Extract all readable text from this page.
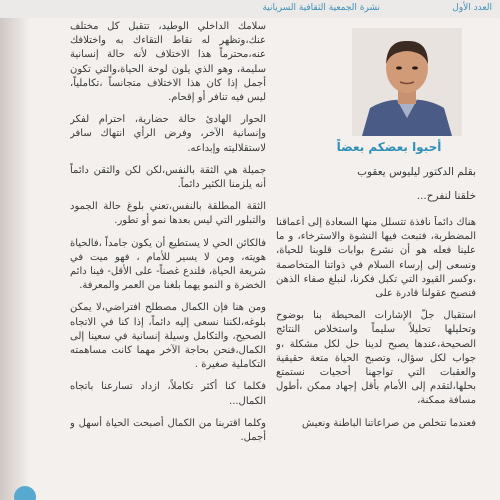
نشرة الجمعية الثقافية السريانية	العدد الأول

سلامك الداخلي الوطيد، تتقبل كل مختلف عنك،وتظهر له نقاط التقاءك به واختلافك عنه،محترماً هذا الاختلاف لأنه حالة إنسانية سليمة، وهو الذي يلون لوحة الحياة،والتي تكون أجمل إذا كان هذا الاختلاف متجانساً ،تكاملياً، ليس فيه تنافر أو إقحام.

الحوار الهادئ حالة حضارية، احترام لفكر وإنسانية الآخر، وفرض الرأي انتهاك سافر لاستقلاليته وإبداعه.

جميلة هي الثقة بالنفس،لكن لكن والثقن دائماً أنه يلزمنا الكثير دائماً.

الثقة المطلقة بالنفس،تعني بلوغ حالة الجمود والتبلور التي ليس بعدها نمو أو تطور.

فالكائن الحي لا يستطيع أن يكون جامداً ،فالحياة هويته، ومن لا يسير للأمام ، فهو ميت في شريعة الحياة، فلندع غصناً- على الأقل- فينا دائم الخضرة و النمو يهما بلغنا من العمر والمعرفة.

ومن هنا فإن الكمال مصطلح افتراضي،لا يمكن بلوغه،لكننا نسعى إليه دائماً، إذا كنا في الاتجاه الصحيح، والتكامل وسيلة إنسانية في سعينا إلى الكمال،فنحن بحاجة الآخر مهما كانت مساهمته التكاملية صغيرة .

فكلما كنا أكثر تكاملاً، ازداد تسارعنا باتجاه الكمال...

وكلما اقتربنا من الكمال أصبحت الحياة أسهل و أجمل.

أحبوا بعضكم بعضاً
بقلم الدكتور ليليوس يعقوب
خلقنا لنفرح...

هناك دائماً نافذة تتسلل منها السعادة إلى أعماقنا المضطربة، فتبعث فيها النشوة والاسترخاء، و ما علينا فعله هو أن نشرع بوابات قلوبنا للحياة، ونسعى إلى إرساء السلام في ذواتنا المتخاصمة ،وكسر القيود التي تكبل فكرنا، لنبلغ صفاء الذهن فنصبح عقولنا قادرة على

استقبال جلّ الإشارات المحيطة بنا بوضوح وتحليلها تحليلاً سليماً واستخلاص النتائج الصحيحة،عندها يصبح لدينا حل لكل مشكلة ،و جواب لكل سؤال، وتصبح الحياة متعة حقيقية والعقبات التي تواجهنا أحجيات نستمتع بحلها،لتقدم إلى الأمام بأقل إجهاد ممكن ،أطول مسافة ممكنة،

فعندما نتخلص من صراعاتنا الباطنة ونعيش
